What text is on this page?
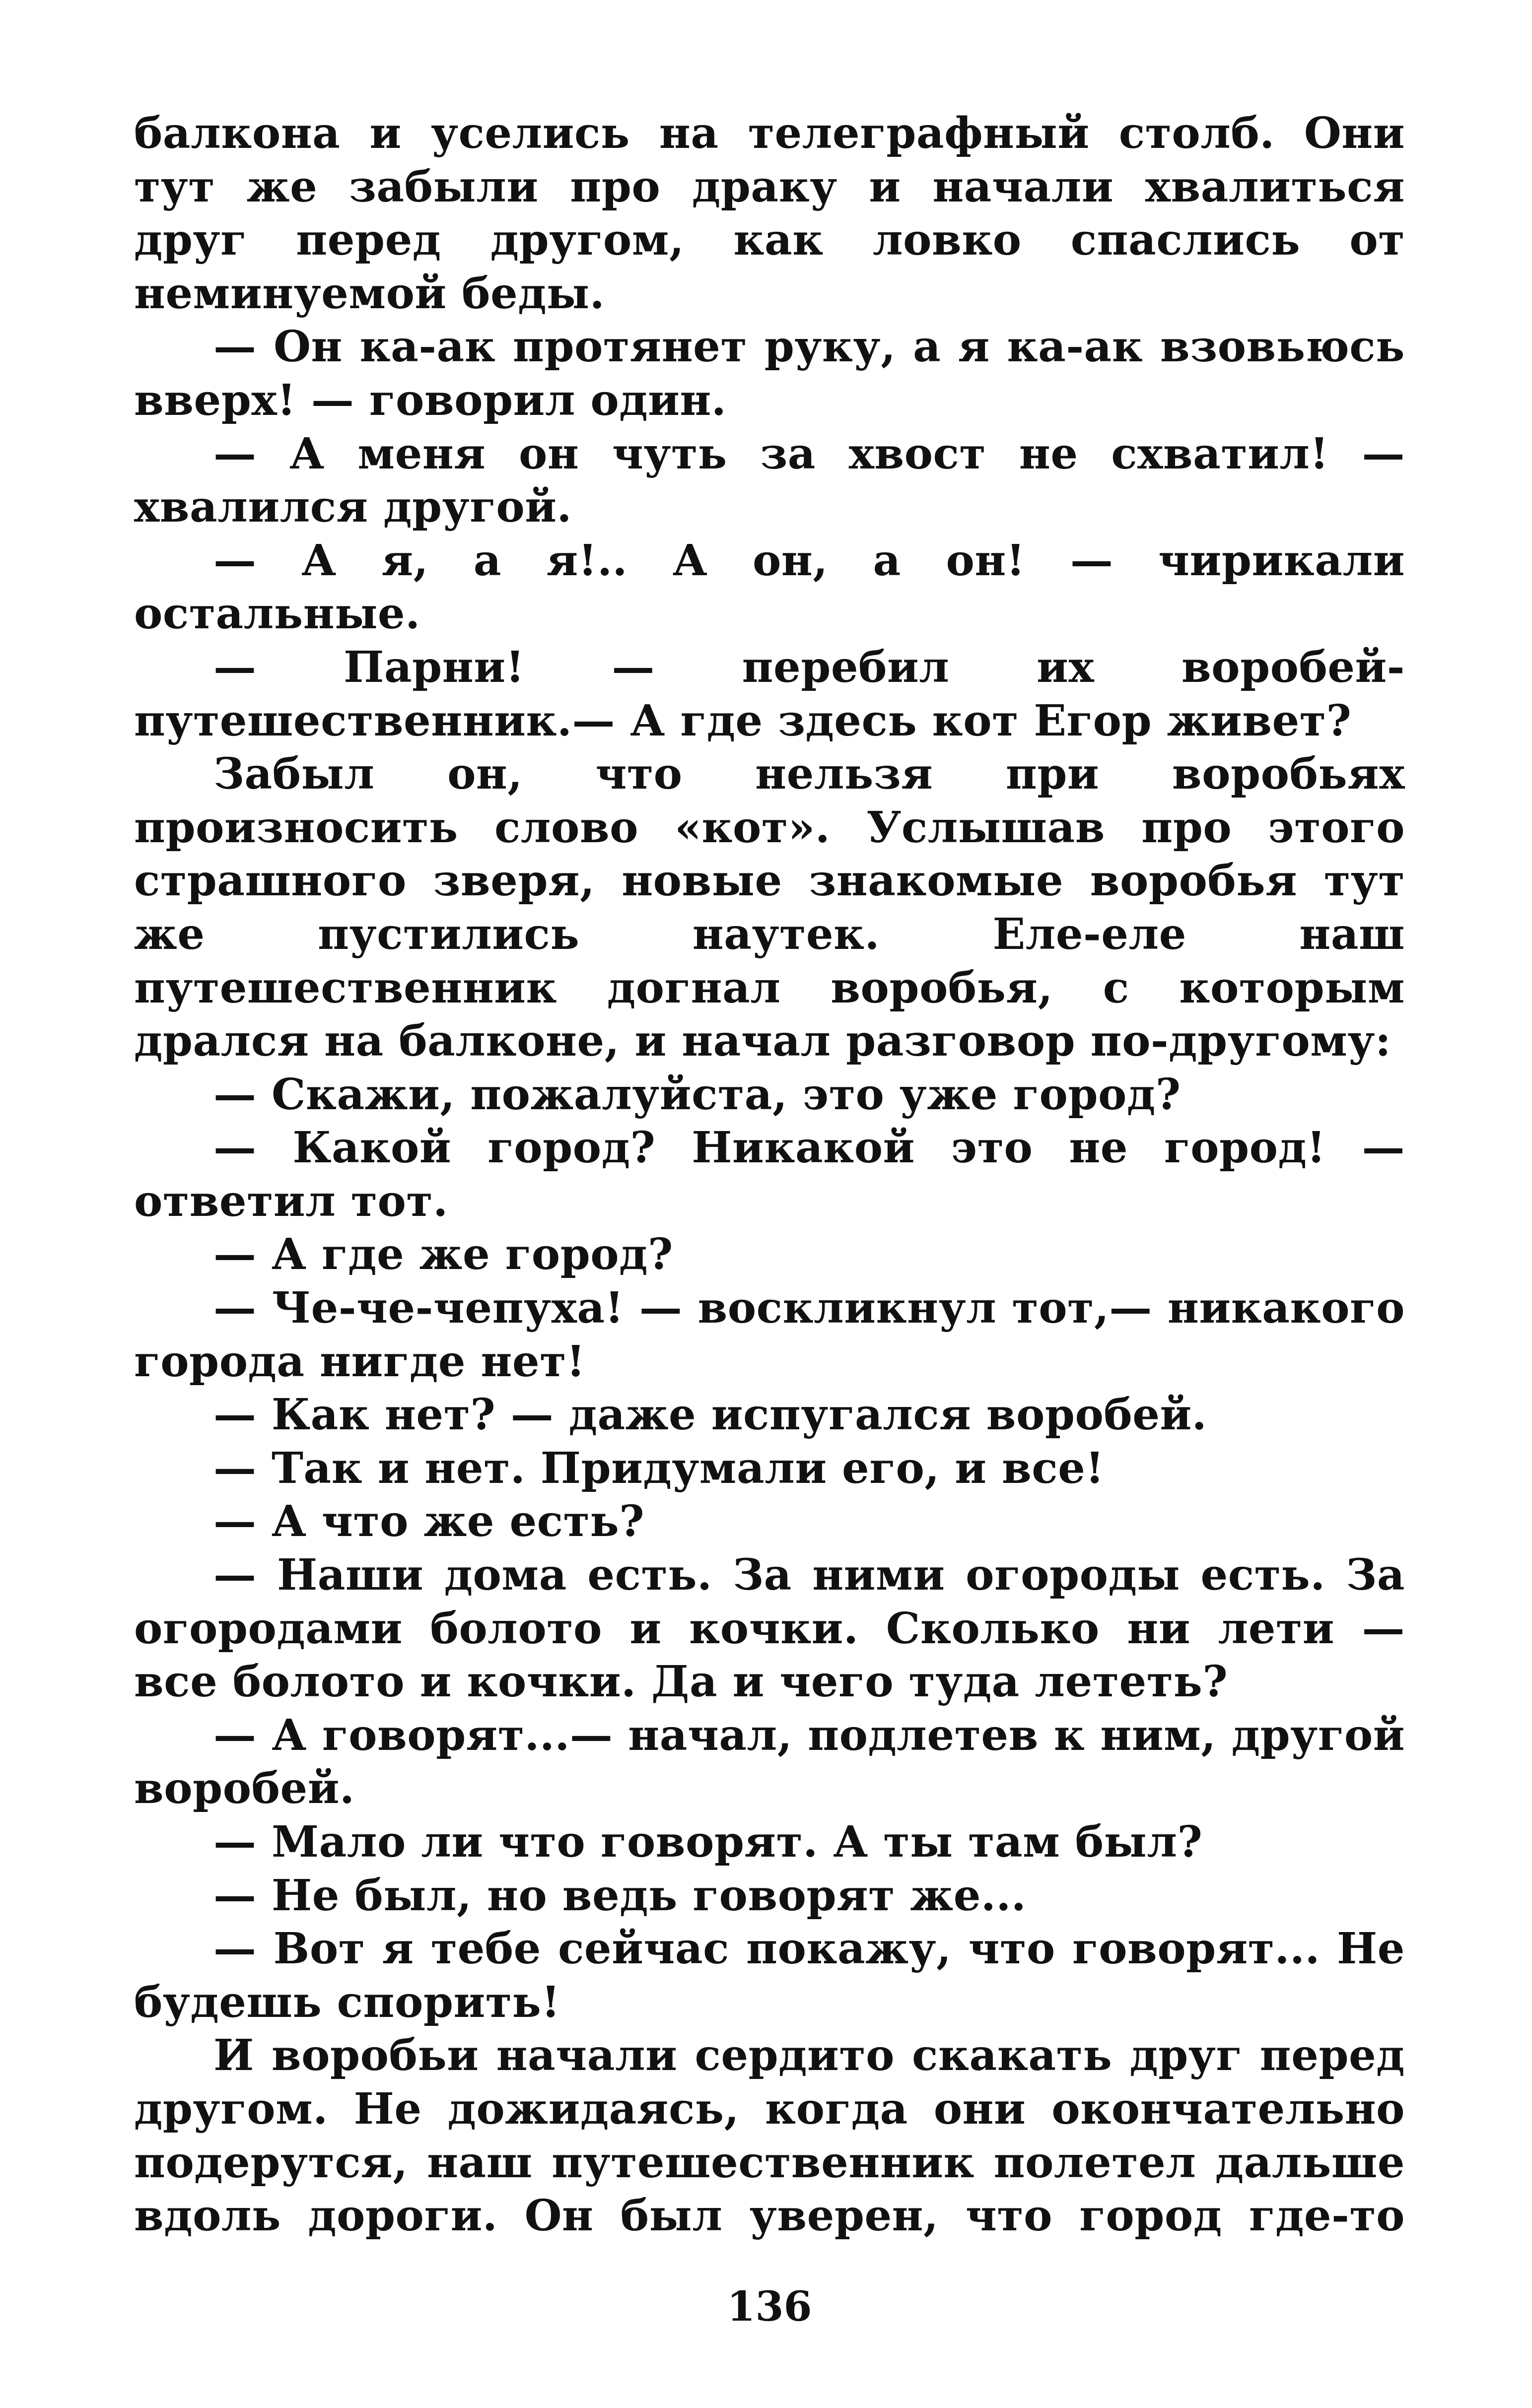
балкона и уселись на телеграфный столб. Они тут же забыли про драку и начали хвалиться друг перед другом, как ловко спаслись от неминуемой беды.

— Он ка-ак протянет руку, а я ка-ак взовьюсь вверх! — говорил один.

— А меня он чуть за хвост не схватил! — хвалился другой.

— А я, а я!.. А он, а он! — чирикали остальные.

— Парни! — перебил их воробей-путешественник.— А где здесь кот Егор живет?

Забыл он, что нельзя при воробьях произносить слово «кот». Услышав про этого страшного зверя, новые знакомые воробья тут же пустились наутек. Еле-еле наш путешественник догнал воробья, с которым дрался на балконе, и начал разговор по-другому:

— Скажи, пожалуйста, это уже город?

— Какой город? Никакой это не город! — ответил тот.

— А где же город?

— Че-че-чепуха! — воскликнул тот,— никакого города нигде нет!

— Как нет? — даже испугался воробей.

— Так и нет. Придумали его, и все!

— А что же есть?

— Наши дома есть. За ними огороды есть. За огородами болото и кочки. Сколько ни лети — все болото и кочки. Да и чего туда лететь?

— А говорят...— начал, подлетев к ним, другой воробей.

— Мало ли что говорят. А ты там был?

— Не был, но ведь говорят же...

— Вот я тебе сейчас покажу, что говорят... Не будешь спорить!

И воробьи начали сердито скакать друг перед другом. Не дожидаясь, когда они окончательно подерутся, наш путешественник полетел дальше вдоль дороги. Он был уверен, что город где-то

136
